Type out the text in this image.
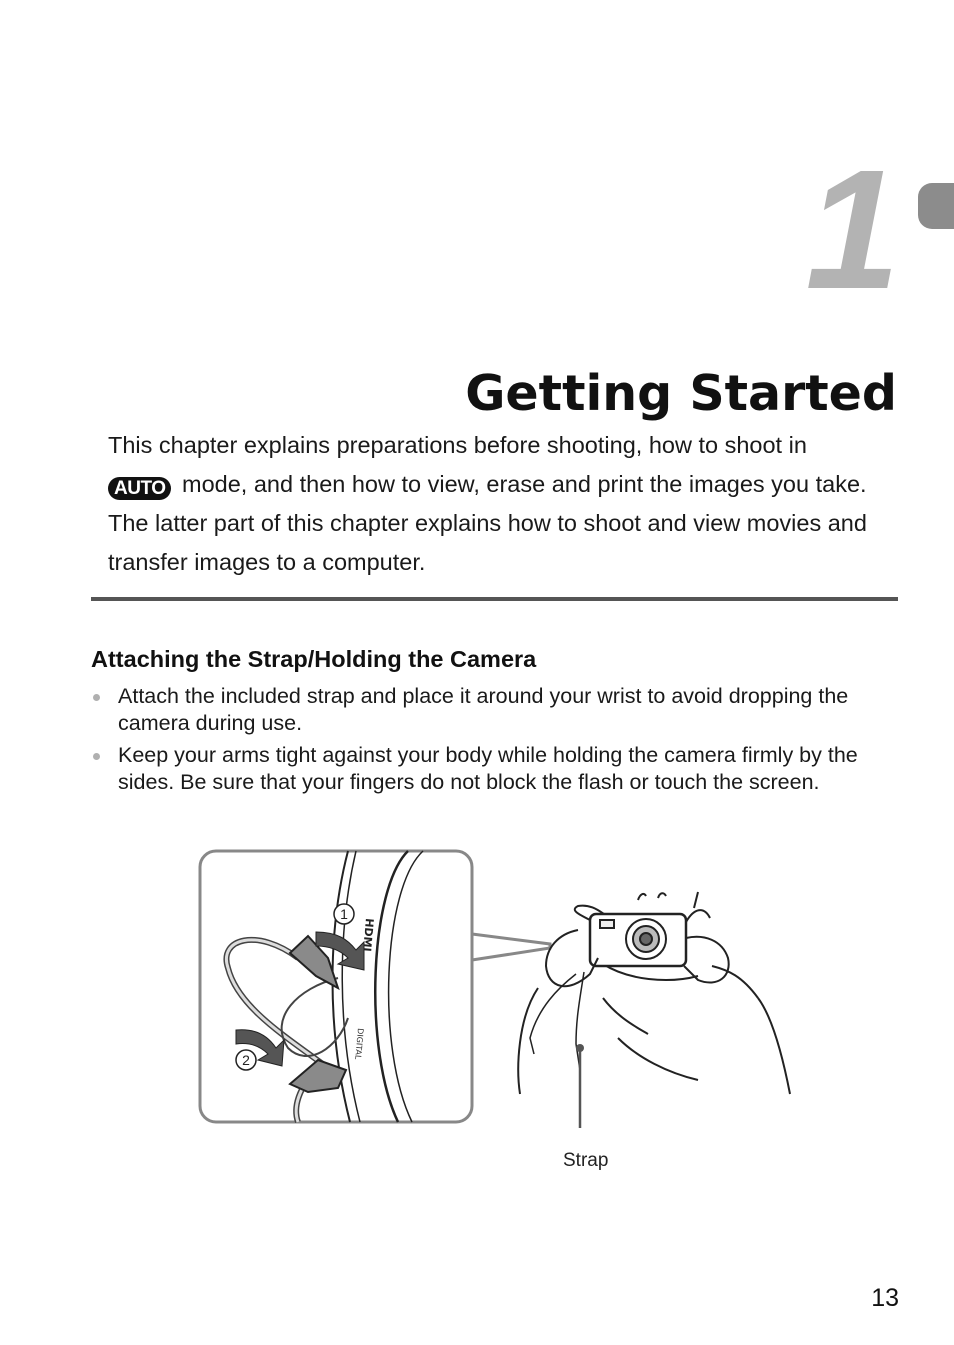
1
Getting Started
This chapter explains preparations before shooting, how to shoot in
AUTO mode, and then how to view, erase and print the images you take. The latter part of this chapter explains how to shoot and view movies and transfer images to a computer.
Attaching the Strap/Holding the Camera
Attach the included strap and place it around your wrist to avoid dropping the camera during use.
Keep your arms tight against your body while holding the camera firmly by the sides. Be sure that your fingers do not block the flash or touch the screen.
HDMI
DIGITAL
1
2
Strap
13
